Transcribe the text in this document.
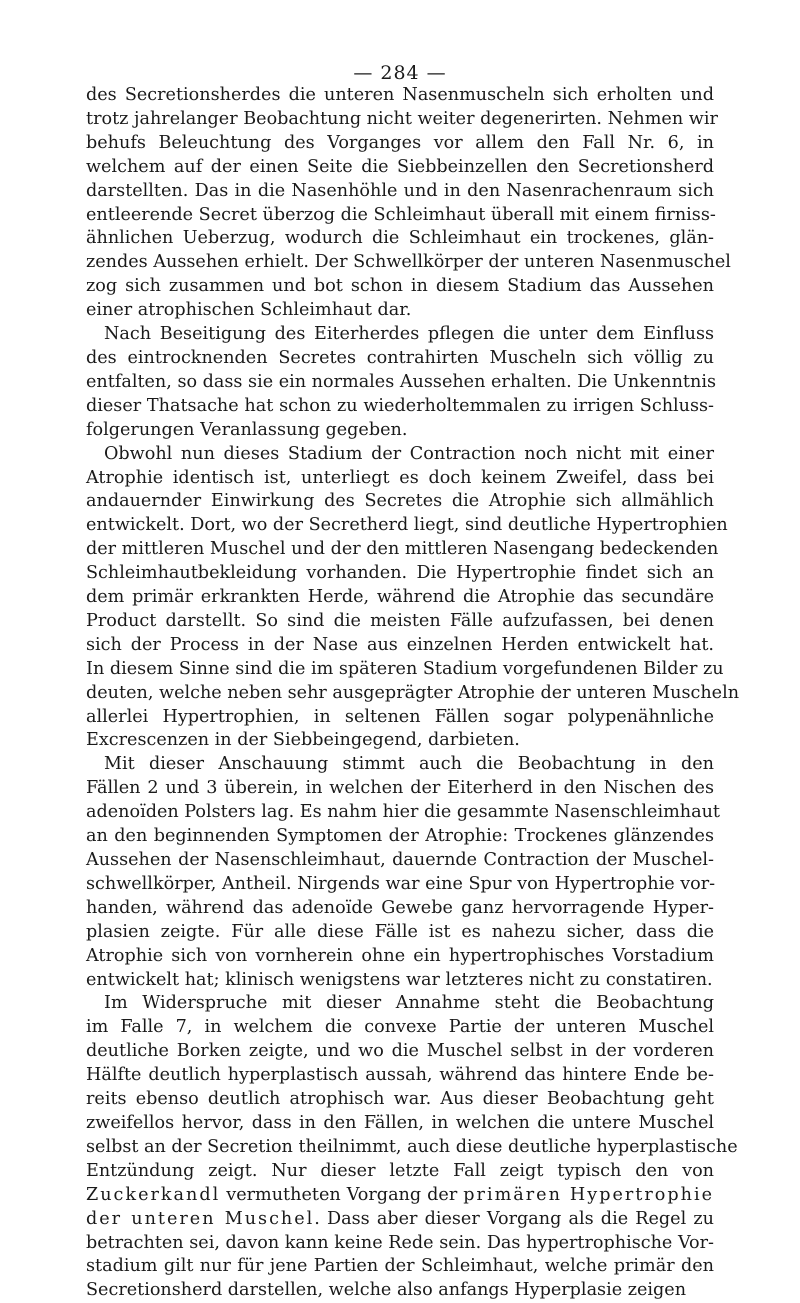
— 284 —
des Secretionsherdes die unteren Nasenmuscheln sich erholten und
trotz jahrelanger Beobachtung nicht weiter degenerirten. Nehmen wir
behufs Beleuchtung des Vorganges vor allem den Fall Nr. 6, in
welchem auf der einen Seite die Siebbeinzellen den Secretionsherd
darstellten. Das in die Nasenhöhle und in den Nasenrachenraum sich
entleerende Secret überzog die Schleimhaut überall mit einem firniss-
ähnlichen Ueberzug, wodurch die Schleimhaut ein trockenes, glän-
zendes Aussehen erhielt. Der Schwellkörper der unteren Nasenmuschel
zog sich zusammen und bot schon in diesem Stadium das Aussehen
einer atrophischen Schleimhaut dar.
Nach Beseitigung des Eiterherdes pflegen die unter dem Einfluss
des eintrocknenden Secretes contrahirten Muscheln sich völlig zu
entfalten, so dass sie ein normales Aussehen erhalten. Die Unkenntnis
dieser Thatsache hat schon zu wiederholtemmalen zu irrigen Schluss-
folgerungen Veranlassung gegeben.
Obwohl nun dieses Stadium der Contraction noch nicht mit einer
Atrophie identisch ist, unterliegt es doch keinem Zweifel, dass bei
andauernder Einwirkung des Secretes die Atrophie sich allmählich
entwickelt. Dort, wo der Secretherd liegt, sind deutliche Hypertrophien
der mittleren Muschel und der den mittleren Nasengang bedeckenden
Schleimhautbekleidung vorhanden. Die Hypertrophie findet sich an
dem primär erkrankten Herde, während die Atrophie das secundäre
Product darstellt. So sind die meisten Fälle aufzufassen, bei denen
sich der Process in der Nase aus einzelnen Herden entwickelt hat.
In diesem Sinne sind die im späteren Stadium vorgefundenen Bilder zu
deuten, welche neben sehr ausgeprägter Atrophie der unteren Muscheln
allerlei Hypertrophien, in seltenen Fällen sogar polypenähnliche
Excrescenzen in der Siebbeingegend, darbieten.
Mit dieser Anschauung stimmt auch die Beobachtung in den
Fällen 2 und 3 überein, in welchen der Eiterherd in den Nischen des
adenoïden Polsters lag. Es nahm hier die gesammte Nasenschleimhaut
an den beginnenden Symptomen der Atrophie: Trockenes glänzendes
Aussehen der Nasenschleimhaut, dauernde Contraction der Muschel-
schwellkörper, Antheil. Nirgends war eine Spur von Hypertrophie vor-
handen, während das adenoïde Gewebe ganz hervorragende Hyper-
plasien zeigte. Für alle diese Fälle ist es nahezu sicher, dass die
Atrophie sich von vornherein ohne ein hypertrophisches Vorstadium
entwickelt hat; klinisch wenigstens war letzteres nicht zu constatiren.
Im Widerspruche mit dieser Annahme steht die Beobachtung
im Falle 7, in welchem die convexe Partie der unteren Muschel
deutliche Borken zeigte, und wo die Muschel selbst in der vorderen
Hälfte deutlich hyperplastisch aussah, während das hintere Ende be-
reits ebenso deutlich atrophisch war. Aus dieser Beobachtung geht
zweifellos hervor, dass in den Fällen, in welchen die untere Muschel
selbst an der Secretion theilnimmt, auch diese deutliche hyperplastische
Entzündung zeigt. Nur dieser letzte Fall zeigt typisch den von
Zuckerkandl vermutheten Vorgang der primären Hypertrophie
der unteren Muschel. Dass aber dieser Vorgang als die Regel zu
betrachten sei, davon kann keine Rede sein. Das hypertrophische Vor-
stadium gilt nur für jene Partien der Schleimhaut, welche primär den
Secretionsherd darstellen, welche also anfangs Hyperplasie zeigen
